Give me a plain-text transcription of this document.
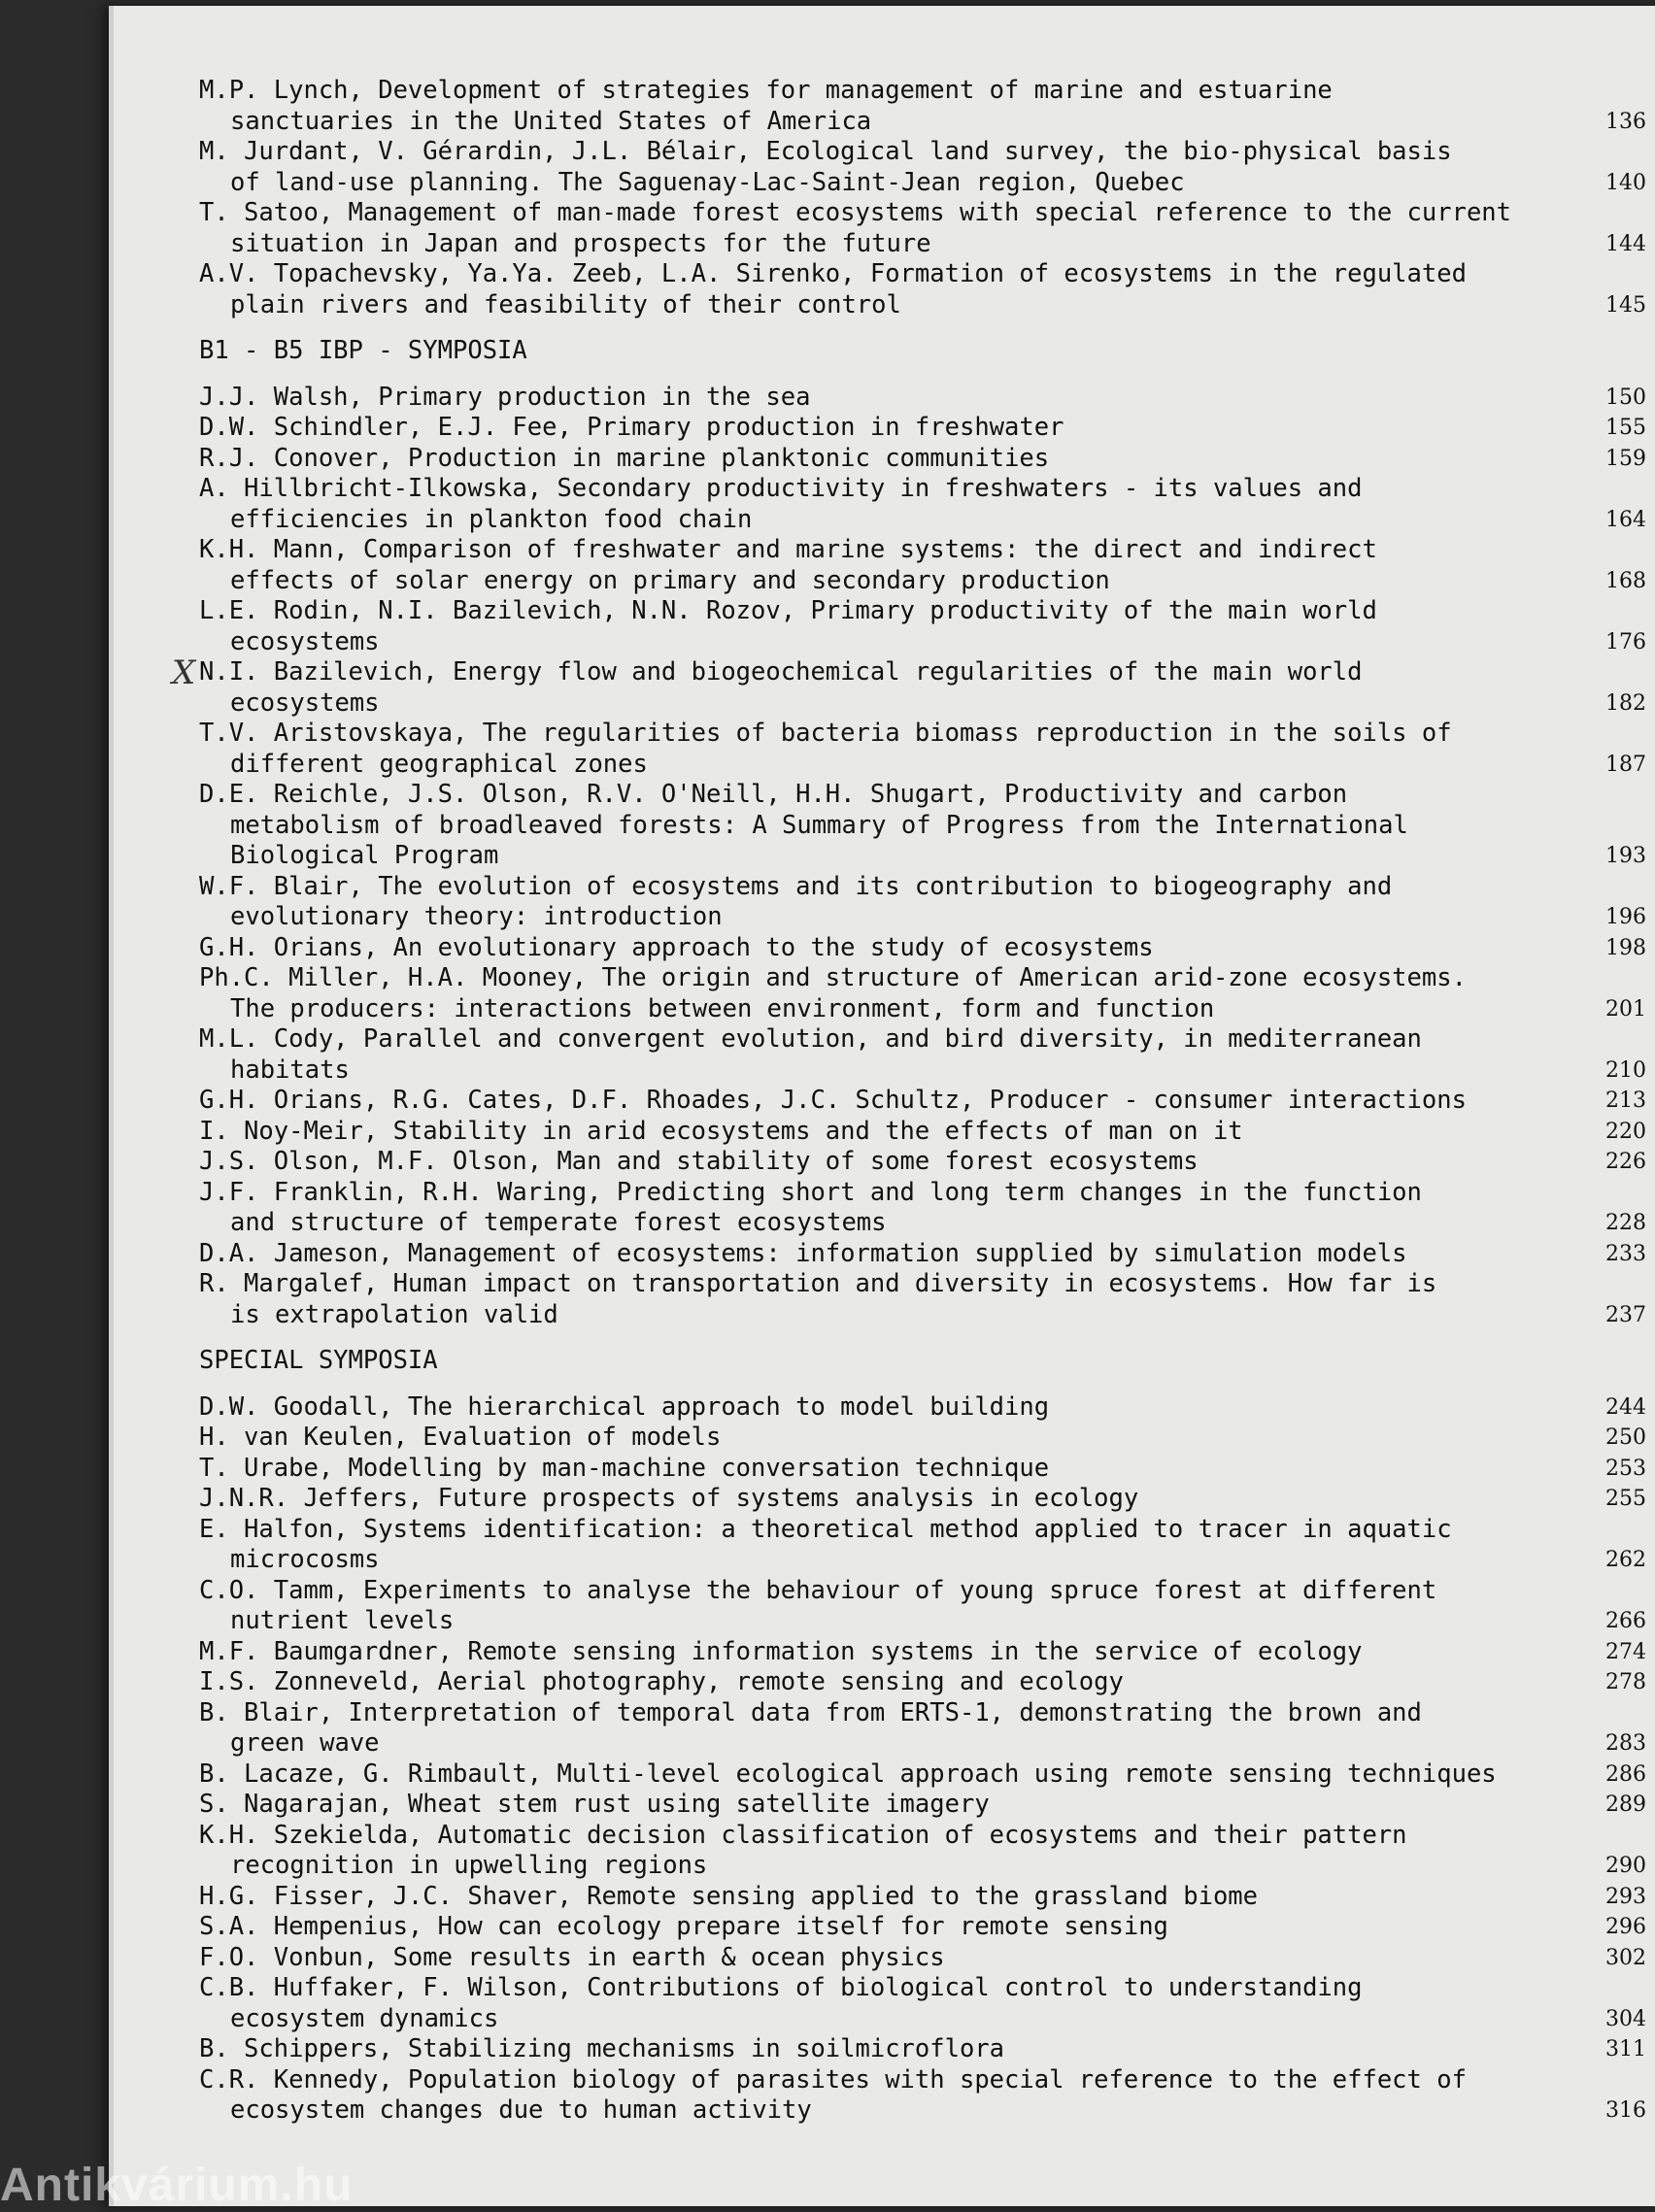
M.P. Lynch, Development of strategies for management of marine and estuarine
sanctuaries in the United States of America	136
M. Jurdant, V. Gérardin, J.L. Bélair, Ecological land survey, the bio-physical basis
of land-use planning. The Saguenay-Lac-Saint-Jean region, Quebec	140
T. Satoo, Management of man-made forest ecosystems with special reference to the current
situation in Japan and prospects for the future	144
A.V. Topachevsky, Ya.Ya. Zeeb, L.A. Sirenko, Formation of ecosystems in the regulated
plain rivers and feasibility of their control	145
B1 - B5 IBP - SYMPOSIA
J.J. Walsh, Primary production in the sea	150
D.W. Schindler, E.J. Fee, Primary production in freshwater	155
R.J. Conover, Production in marine planktonic communities	159
A. Hillbricht-Ilkowska, Secondary productivity in freshwaters - its values and
efficiencies in plankton food chain	164
K.H. Mann, Comparison of freshwater and marine systems: the direct and indirect
effects of solar energy on primary and secondary production	168
L.E. Rodin, N.I. Bazilevich, N.N. Rozov, Primary productivity of the main world
ecosystems	176
X N.I. Bazilevich, Energy flow and biogeochemical regularities of the main world
ecosystems	182
T.V. Aristovskaya, The regularities of bacteria biomass reproduction in the soils of
different geographical zones	187
D.E. Reichle, J.S. Olson, R.V. O'Neill, H.H. Shugart, Productivity and carbon
metabolism of broadleaved forests: A Summary of Progress from the International
Biological Program	193
W.F. Blair, The evolution of ecosystems and its contribution to biogeography and
evolutionary theory: introduction	196
G.H. Orians, An evolutionary approach to the study of ecosystems	198
Ph.C. Miller, H.A. Mooney, The origin and structure of American arid-zone ecosystems.
The producers: interactions between environment, form and function	201
M.L. Cody, Parallel and convergent evolution, and bird diversity, in mediterranean
habitats	210
G.H. Orians, R.G. Cates, D.F. Rhoades, J.C. Schultz, Producer - consumer interactions	213
I. Noy-Meir, Stability in arid ecosystems and the effects of man on it	220
J.S. Olson, M.F. Olson, Man and stability of some forest ecosystems	226
J.F. Franklin, R.H. Waring, Predicting short and long term changes in the function
and structure of temperate forest ecosystems	228
D.A. Jameson, Management of ecosystems: information supplied by simulation models	233
R. Margalef, Human impact on transportation and diversity in ecosystems. How far is
is extrapolation valid	237
SPECIAL SYMPOSIA
D.W. Goodall, The hierarchical approach to model building	244
H. van Keulen, Evaluation of models	250
T. Urabe, Modelling by man-machine conversation technique	253
J.N.R. Jeffers, Future prospects of systems analysis in ecology	255
E. Halfon, Systems identification: a theoretical method applied to tracer in aquatic
microcosms	262
C.O. Tamm, Experiments to analyse the behaviour of young spruce forest at different
nutrient levels	266
M.F. Baumgardner, Remote sensing information systems in the service of ecology	274
I.S. Zonneveld, Aerial photography, remote sensing and ecology	278
B. Blair, Interpretation of temporal data from ERTS-1, demonstrating the brown and
green wave	283
B. Lacaze, G. Rimbault, Multi-level ecological approach using remote sensing techniques	286
S. Nagarajan, Wheat stem rust using satellite imagery	289
K.H. Szekielda, Automatic decision classification of ecosystems and their pattern
recognition in upwelling regions	290
H.G. Fisser, J.C. Shaver, Remote sensing applied to the grassland biome	293
S.A. Hempenius, How can ecology prepare itself for remote sensing	296
F.O. Vonbun, Some results in earth & ocean physics	302
C.B. Huffaker, F. Wilson, Contributions of biological control to understanding
ecosystem dynamics	304
B. Schippers, Stabilizing mechanisms in soilmicroflora	311
C.R. Kennedy, Population biology of parasites with special reference to the effect of
ecosystem changes due to human activity	316
Antikvárium.hu
